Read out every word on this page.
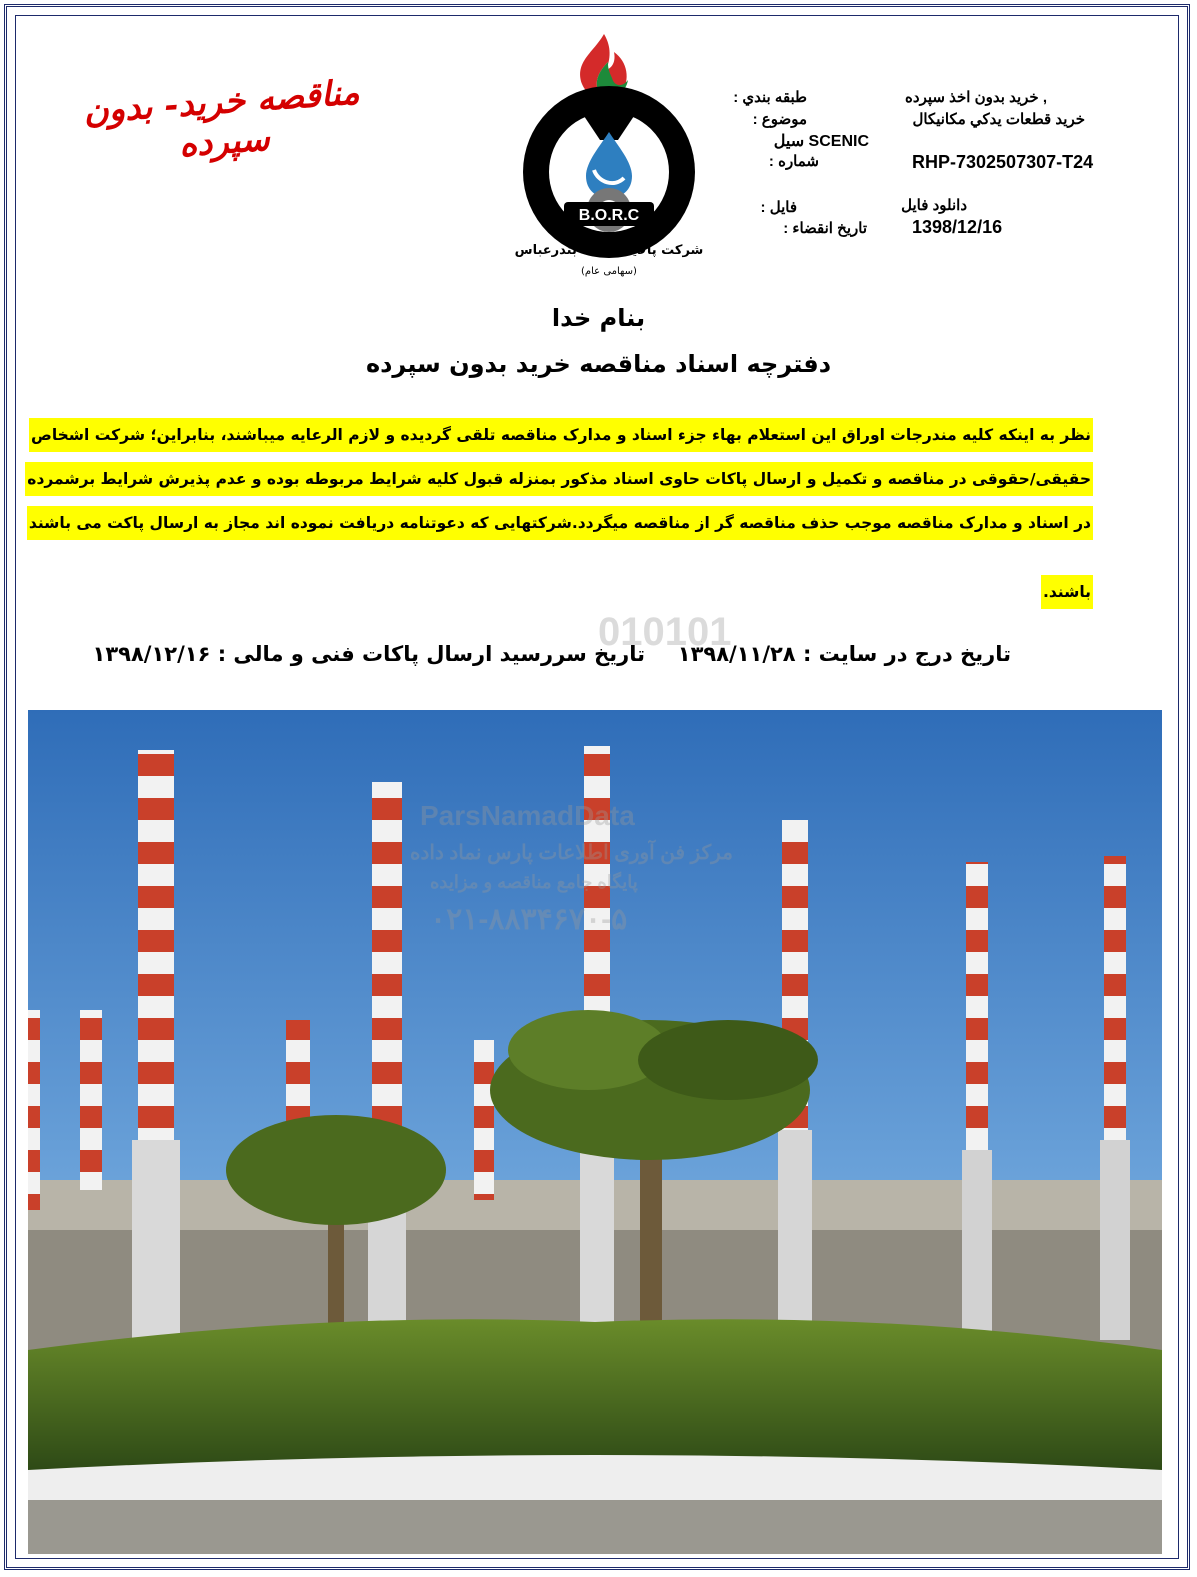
مناقصه خرید- بدون سپرده
B.O.R.C
شرکت پالایش نفت بندرعباس
(سهامی عام)
طبقه بندي :	, خريد بدون اخذ سپرده
موضوع :	خريد قطعات يدكي مكانيكال
SCENIC سيل
شماره :	RHP-7302507307-T24
فايل :	دانلود فايل
تاريخ انقضاء :	1398/12/16
بنام خدا
دفترچه اسناد مناقصه خرید بدون سپرده
نظر به اینکه کلیه مندرجات اوراق این استعلام بهاء جزء اسناد و مدارک مناقصه تلقی گردیده و لازم الرعایه میباشند، بنابراین؛ شرکت اشخاص
حقیقی/حقوقی در مناقصه و تکمیل و ارسال پاکات حاوی اسناد مذکور بمنزله قبول کلیه شرایط مربوطه بوده و عدم پذیرش شرایط برشمرده
در اسناد و مدارک مناقصه موجب حذف مناقصه گر از مناقصه میگردد.شرکتهایی که دعوتنامه دریافت نموده اند مجاز به ارسال پاکت می باشند
باشند.
تاریخ درج در سایت : ۱۳۹۸/۱۱/۲۸
تاریخ سررسید ارسال پاکات فنی و مالی : ۱۳۹۸/۱۲/۱۶
010101
ParsNamadData
مرکز فن آوری اطلاعات پارس نماد داده
پایگاه جامع مناقصه و مزایده
۰۲۱-۸۸۳۴۶۷۰-۵
